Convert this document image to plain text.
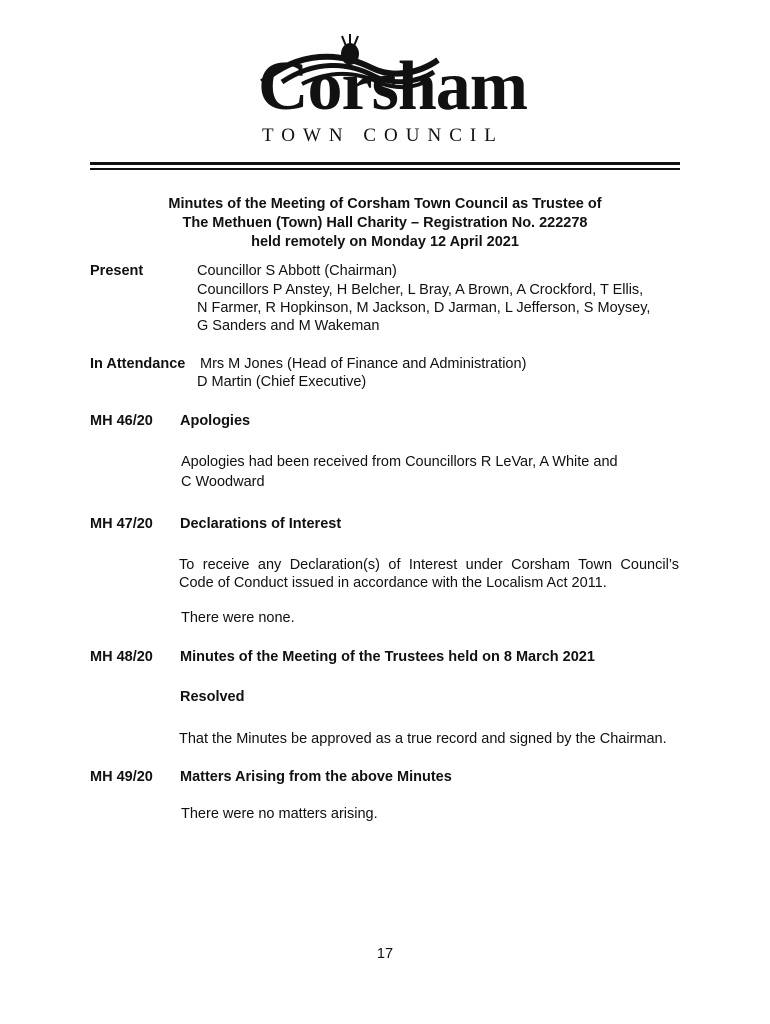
Corsham
TOWN COUNCIL
Minutes of the Meeting of Corsham Town Council as Trustee of
The Methuen (Town) Hall Charity – Registration No. 222278
held remotely on Monday 12 April 2021
Present	Councillor S Abbott (Chairman)
Councillors P Anstey, H Belcher, L Bray, A Brown, A Crockford, T Ellis,
N Farmer, R Hopkinson, M Jackson, D Jarman, L Jefferson, S Moysey,
G Sanders and M Wakeman
In Attendance Mrs M Jones (Head of Finance and Administration)
D Martin (Chief Executive)
MH 46/20 Apologies
Apologies had been received from Councillors R LeVar, A White and
C Woodward
MH 47/20 Declarations of Interest
To receive any Declaration(s) of Interest under Corsham Town Council’s
Code of Conduct issued in accordance with the Localism Act 2011.
There were none.
MH 48/20 Minutes of the Meeting of the Trustees held on 8 March 2021
Resolved
That the Minutes be approved as a true record and signed by the Chairman.
MH 49/20 Matters Arising from the above Minutes
There were no matters arising.
17
